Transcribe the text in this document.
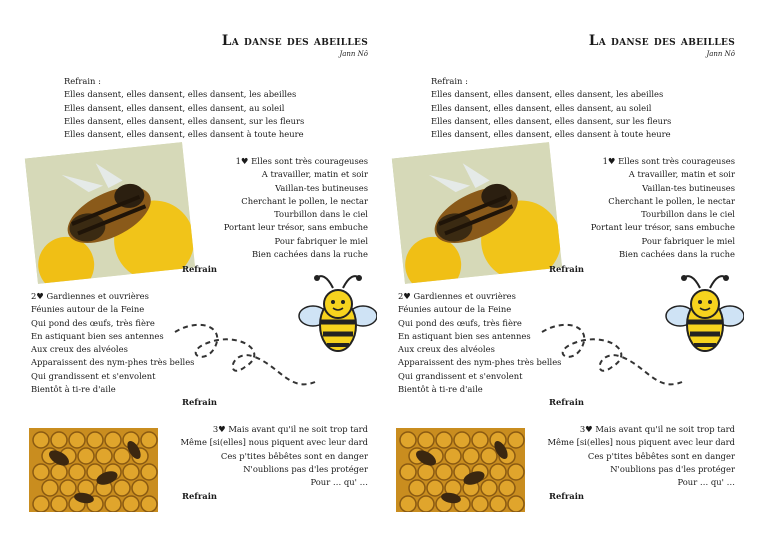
La danse des abeilles
Jann Nô
Refrain :
Elles dansent, elles dansent, elles dansent, les abeilles
Elles dansent, elles dansent, elles dansent, au soleil
Elles dansent, elles dansent, elles dansent, sur les fleurs
Elles dansent, elles dansent, elles dansent à toute heure
1♥ Elles sont très courageuses
A travailler, matin et soir
Vaillan-tes butineuses
Cherchant le pollen, le nectar
Tourbillon dans le ciel
Portant leur trésor, sans embuche
Pour fabriquer le miel
Bien cachées dans la ruche
Refrain
2♥ Gardiennes et ouvrières
Féunies autour de la Feine
Qui pond des œufs, très fière
En astiquant bien ses antennes
Aux creux des alvéoles
Apparaissent des nym-phes très belles
Qui grandissent et s'envolent
Bientôt à ti-re d'aile
Refrain
3♥ Mais avant qu'il ne soit trop tard
Même [si(elles] nous piquent avec leur dard
Ces p'tites bêbêtes sont en danger
N'oublions pas d'les protéger
Pour … qu' …
Refrain
La danse des abeilles
Jann Nô
Refrain :
Elles dansent, elles dansent, elles dansent, les abeilles
Elles dansent, elles dansent, elles dansent, au soleil
Elles dansent, elles dansent, elles dansent, sur les fleurs
Elles dansent, elles dansent, elles dansent à toute heure
1♥ Elles sont très courageuses
A travailler, matin et soir
Vaillan-tes butineuses
Cherchant le pollen, le nectar
Tourbillon dans le ciel
Portant leur trésor, sans embuche
Pour fabriquer le miel
Bien cachées dans la ruche
Refrain
2♥ Gardiennes et ouvrières
Féunies autour de la Feine
Qui pond des œufs, très fière
En astiquant bien ses antennes
Aux creux des alvéoles
Apparaissent des nym-phes très belles
Qui grandissent et s'envolent
Bientôt à ti-re d'aile
Refrain
3♥ Mais avant qu'il ne soit trop tard
Même [si(elles] nous piquent avec leur dard
Ces p'tites bêbêtes sont en danger
N'oublions pas d'les protéger
Pour … qu' …
Refrain
